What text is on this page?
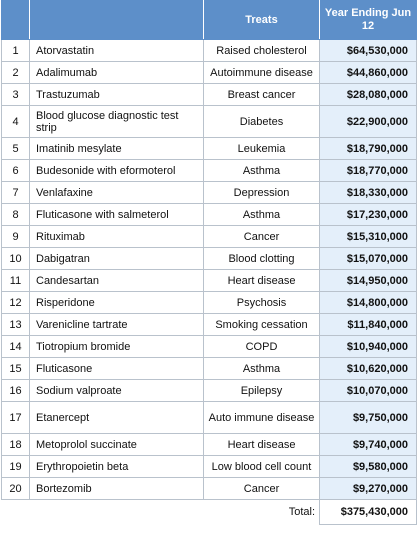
		Treats	Year Ending Jun 12
1	Atorvastatin	Raised cholesterol	$64,530,000
2	Adalimumab	Autoimmune disease	$44,860,000
3	Trastuzumab	Breast cancer	$28,080,000
4	Blood glucose diagnostic test strip	Diabetes	$22,900,000
5	Imatinib mesylate	Leukemia	$18,790,000
6	Budesonide with eformoterol	Asthma	$18,770,000
7	Venlafaxine	Depression	$18,330,000
8	Fluticasone with salmeterol	Asthma	$17,230,000
9	Rituximab	Cancer	$15,310,000
10	Dabigatran	Blood clotting	$15,070,000
11	Candesartan	Heart disease	$14,950,000
12	Risperidone	Psychosis	$14,800,000
13	Varenicline tartrate	Smoking cessation	$11,840,000
14	Tiotropium bromide	COPD	$10,940,000
15	Fluticasone	Asthma	$10,620,000
16	Sodium valproate	Epilepsy	$10,070,000
17	Etanercept	Auto immune disease	$9,750,000
18	Metoprolol succinate	Heart disease	$9,740,000
19	Erythropoietin beta	Low blood cell count	$9,580,000
20	Bortezomib	Cancer	$9,270,000
Total:			$375,430,000
